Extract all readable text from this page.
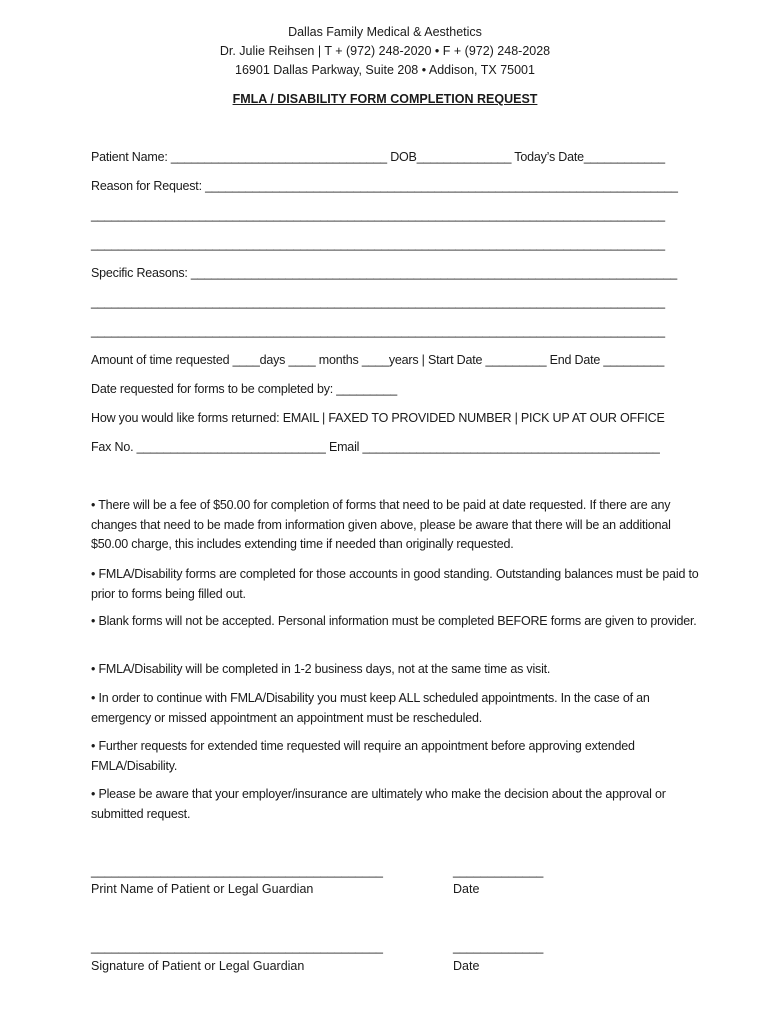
Dallas Family Medical & Aesthetics
Dr. Julie Reihsen | T + (972) 248-2020 • F + (972) 248-2028
16901 Dallas Parkway, Suite 208 • Addison, TX 75001
FMLA / DISABILITY FORM COMPLETION REQUEST
Patient Name: ________________________________ DOB______________ Today’s Date____________
Reason for Request: ______________________________________________________________________
_____________________________________________________________________________________
_____________________________________________________________________________________
Specific Reasons: ________________________________________________________________________
_____________________________________________________________________________________
_____________________________________________________________________________________
Amount of time requested ____days ____ months ____years | Start Date _________ End Date _________
Date requested for forms to be completed by: _________
How you would like forms returned: EMAIL | FAXED TO PROVIDED NUMBER | PICK UP AT OUR OFFICE
Fax No. ____________________________ Email ____________________________________________
• There will be a fee of $50.00 for completion of forms that need to be paid at date requested. If there are any changes that need to be made from information given above, please be aware that there will be an additional $50.00 charge, this includes extending time if needed than originally requested.
• FMLA/Disability forms are completed for those accounts in good standing. Outstanding balances must be paid to prior to forms being filled out.
• Blank forms will not be accepted. Personal information must be completed BEFORE forms are given to provider.
• FMLA/Disability will be completed in 1-2 business days, not at the same time as visit.
• In order to continue with FMLA/Disability you must keep ALL scheduled appointments. In the case of an emergency or missed appointment an appointment must be rescheduled.
• Further requests for extended time requested will require an appointment before approving extended FMLA/Disability.
• Please be aware that your employer/insurance are ultimately who make the decision about the approval or submitted request.
__________________________________________	_____________
Print Name of Patient or Legal Guardian	Date
__________________________________________	_____________
Signature of Patient or Legal Guardian	Date
